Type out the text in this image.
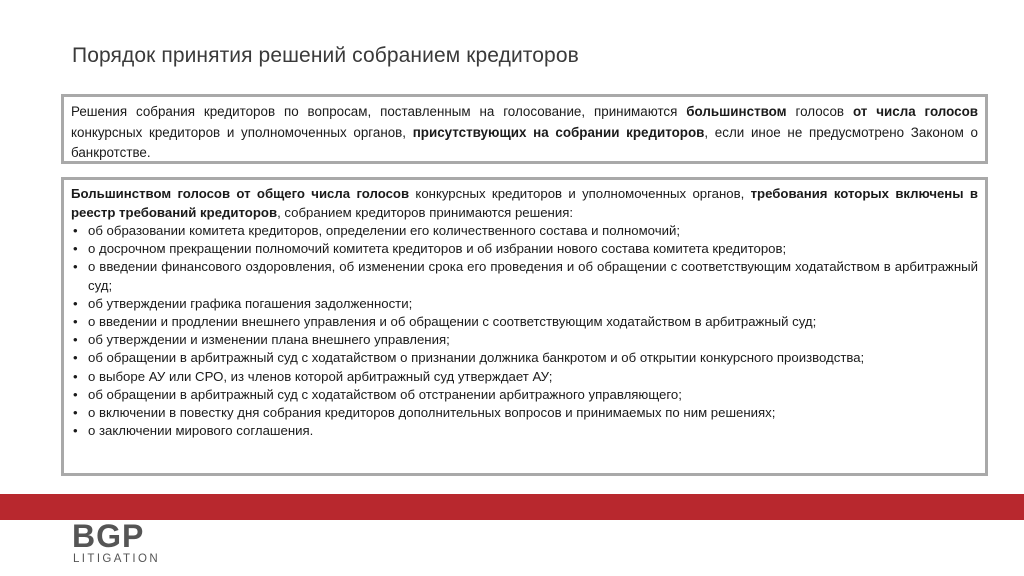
Порядок принятия решений собранием кредиторов

Решения собрания кредиторов по вопросам, поставленным на голосование, принимаются большинством голосов от числа голосов конкурсных кредиторов и уполномоченных органов, присутствующих на собрании кредиторов, если иное не предусмотрено Законом о банкротстве.

Большинством голосов от общего числа голосов конкурсных кредиторов и уполномоченных органов, требования которых включены в реестр требований кредиторов, собранием кредиторов принимаются решения:

• об образовании комитета кредиторов, определении его количественного состава и полномочий;
• о досрочном прекращении полномочий комитета кредиторов и об избрании нового состава комитета кредиторов;
• о введении финансового оздоровления, об изменении срока его проведения и об обращении с соответствующим ходатайством в арбитражный суд;
• об утверждении графика погашения задолженности;
• о введении и продлении внешнего управления и об обращении с соответствующим ходатайством в арбитражный суд;
• об утверждении и изменении плана внешнего управления;
• об обращении в арбитражный суд с ходатайством о признании должника банкротом и об открытии конкурсного производства;
• о выборе АУ или СРО, из членов которой арбитражный суд утверждает АУ;
• об обращении в арбитражный суд с ходатайством об отстранении арбитражного управляющего;
• о включении в повестку дня собрания кредиторов дополнительных вопросов и принимаемых по ним решениях;
• о заключении мирового соглашения.
BGP
LITIGATION
